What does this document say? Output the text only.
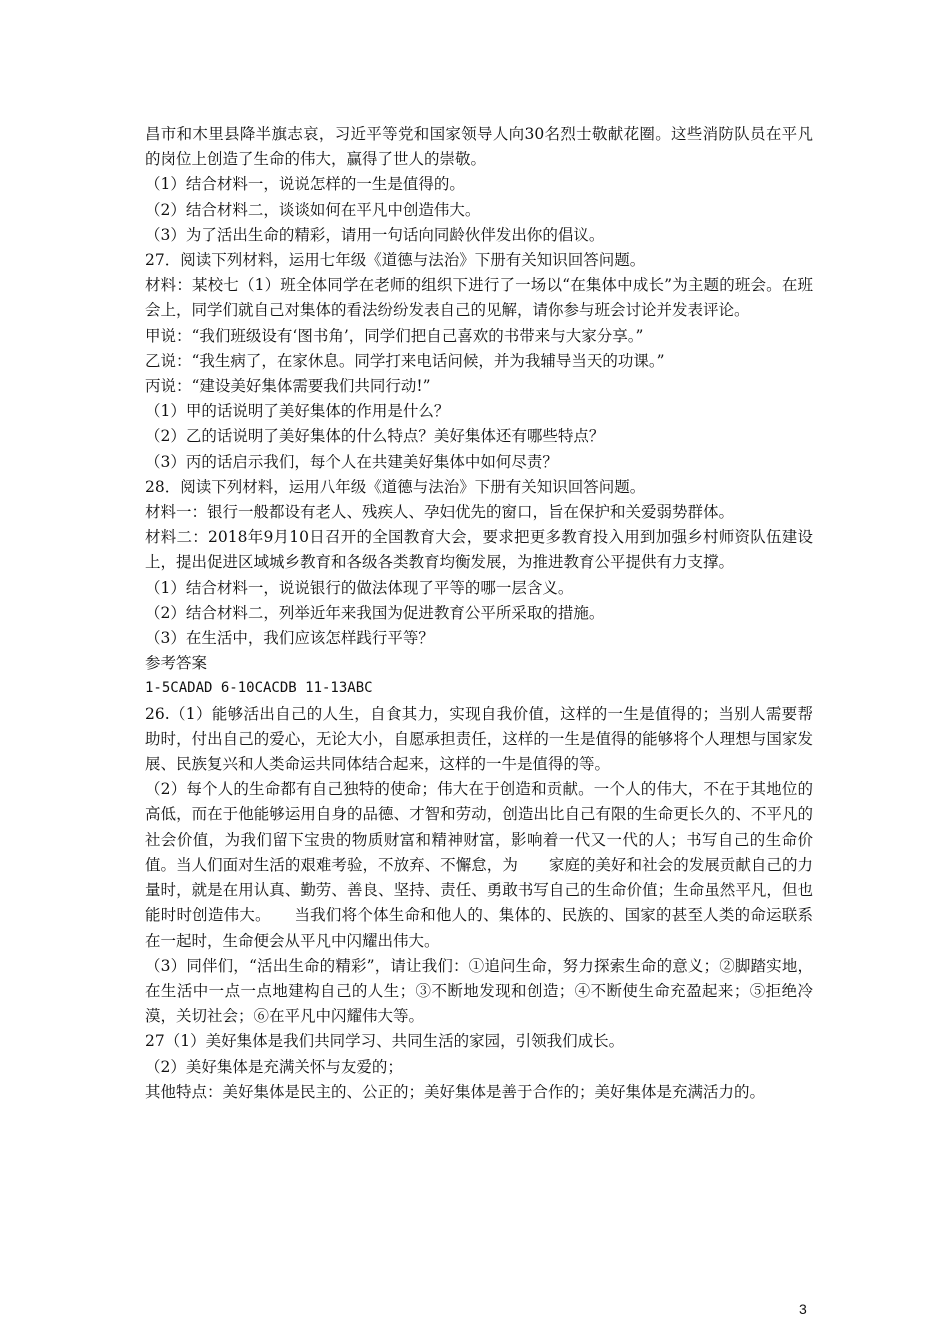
昌市和木里县降半旗志哀，习近平等党和国家领导人向30名烈士敬献花圈。这些消防队员在平凡的岗位上创造了生命的伟大，赢得了世人的崇敬。
（1）结合材料一，说说怎样的一生是值得的。
（2）结合材料二，谈谈如何在平凡中创造伟大。
（3）为了活出生命的精彩，请用一句话向同龄伙伴发出你的倡议。
27．阅读下列材料，运用七年级《道德与法治》下册有关知识回答问题。
材料：某校七（1）班全体同学在老师的组织下进行了一场以“在集体中成长”为主题的班会。在班会上，同学们就自己对集体的看法纷纷发表自己的见解，请你参与班会讨论并发表评论。
甲说：“我们班级设有‘图书角’，同学们把自己喜欢的书带来与大家分享。”
乙说：“我生病了，在家休息。同学打来电话问候，并为我辅导当天的功课。”
丙说：“建设美好集体需要我们共同行动!”
（1）甲的话说明了美好集体的作用是什么？
（2）乙的话说明了美好集体的什么特点？美好集体还有哪些特点？
（3）丙的话启示我们，每个人在共建美好集体中如何尽责？
28．阅读下列材料，运用八年级《道德与法治》下册有关知识回答问题。
材料一：银行一般都设有老人、残疾人、孕妇优先的窗口，旨在保护和关爱弱势群体。
材料二：2018年9月10日召开的全国教育大会，要求把更多教育投入用到加强乡村师资队伍建设上，提出促进区域城乡教育和各级各类教育均衡发展，为推进教育公平提供有力支撑。
（1）结合材料一，说说银行的做法体现了平等的哪一层含义。
（2）结合材料二，列举近年来我国为促进教育公平所采取的措施。
（3）在生活中，我们应该怎样践行平等？
参考答案
1-5CADAD 6-10CACDB 11-13ABC
26.（1）能够活出自己的人生，自食其力，实现自我价值，这样的一生是值得的；当别人需要帮助时，付出自己的爱心，无论大小，自愿承担责任，这样的一生是值得的能够将个人理想与国家发展、民族复兴和人类命运共同体结合起来，这样的一牛是值得的等。
（2）每个人的生命都有自己独特的使命；伟大在于创造和贡献。一个人的伟大，不在于其地位的高低，而在于他能够运用自身的品德、才智和劳动，创造出比自己有限的生命更长久的、不平凡的社会价值，为我们留下宝贵的物质财富和精神财富，影响着一代又一代的人；书写自己的生命价值。当人们面对生活的艰难考验，不放弃、不懈怠，为　　家庭的美好和社会的发展贡献自己的力量时，就是在用认真、勤劳、善良、坚持、责任、勇敢书写自己的生命价值；生命虽然平凡，但也能时时创造伟大。　　当我们将个体生命和他人的、集体的、民族的、国家的甚至人类的命运联系在一起时，生命便会从平凡中闪耀出伟大。
（3）同伴们，“活出生命的精彩”，请让我们：①追问生命，努力探索生命的意义；②脚踏实地，在生活中一点一点地建构自己的人生；③不断地发现和创造；④不断使生命充盈起来；⑤拒绝冷漠，关切社会；⑥在平凡中闪耀伟大等。
27（1）美好集体是我们共同学习、共同生活的家园，引领我们成长。
（2）美好集体是充满关怀与友爱的；
其他特点：美好集体是民主的、公正的；美好集体是善于合作的；美好集体是充满活力的。
3
